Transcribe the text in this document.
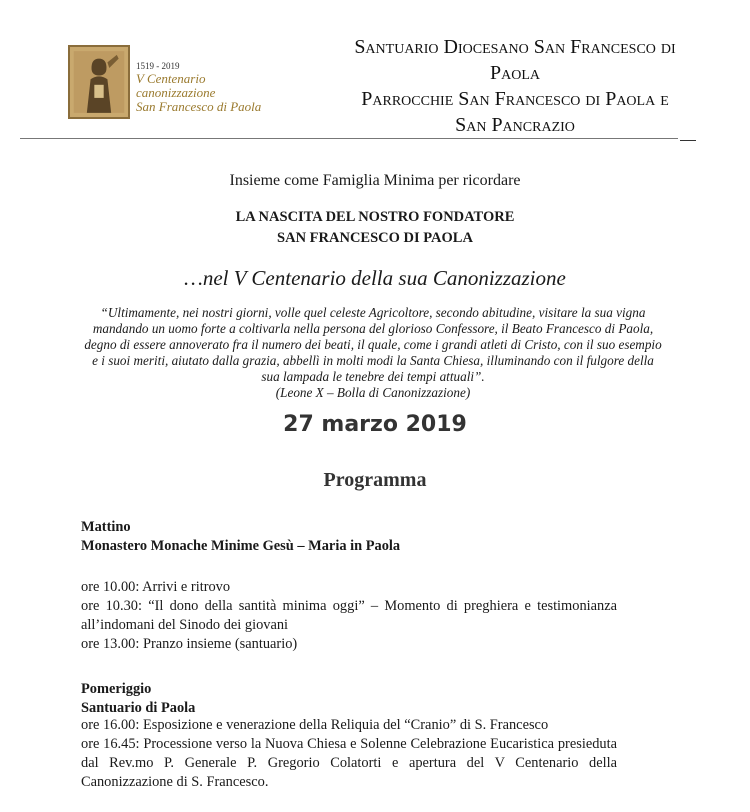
1519 - 2019
V Centenario
canonizzazione
San Francesco di Paola
Santuario Diocesano San Francesco di
Paola
Parrocchie San Francesco di Paola e
San Pancrazio
Insieme come Famiglia Minima per ricordare
LA NASCITA DEL NOSTRO FONDATORE
SAN FRANCESCO DI PAOLA
…nel V Centenario della sua Canonizzazione
“Ultimamente, nei nostri giorni, volle quel celeste Agricoltore, secondo abitudine, visitare la sua vigna mandando un uomo forte a coltivarla nella persona del glorioso Confessore, il Beato Francesco di Paola, degno di essere annoverato fra il numero dei beati, il quale, come i grandi atleti di Cristo, con il suo esempio e i suoi meriti, aiutato dalla grazia, abbellì in molti modi la Santa Chiesa, illuminando con il fulgore della sua lampada le tenebre dei tempi attuali”.
(Leone X – Bolla di Canonizzazione)
27 marzo 2019
Programma
Mattino
Monastero Monache Minime Gesù – Maria in Paola
ore 10.00: Arrivi e ritrovo
ore 10.30: “Il dono della santità minima oggi” – Momento di preghiera e testimonianza all’indomani del Sinodo dei giovani
ore 13.00: Pranzo insieme (santuario)
Pomeriggio
Santuario di Paola
ore 16.00: Esposizione e venerazione della Reliquia del “Cranio” di S. Francesco
ore 16.45: Processione verso la Nuova Chiesa e Solenne Celebrazione Eucaristica presieduta dal Rev.mo P. Generale P. Gregorio Colatorti e apertura del V Centenario della Canonizzazione di S. Francesco.
